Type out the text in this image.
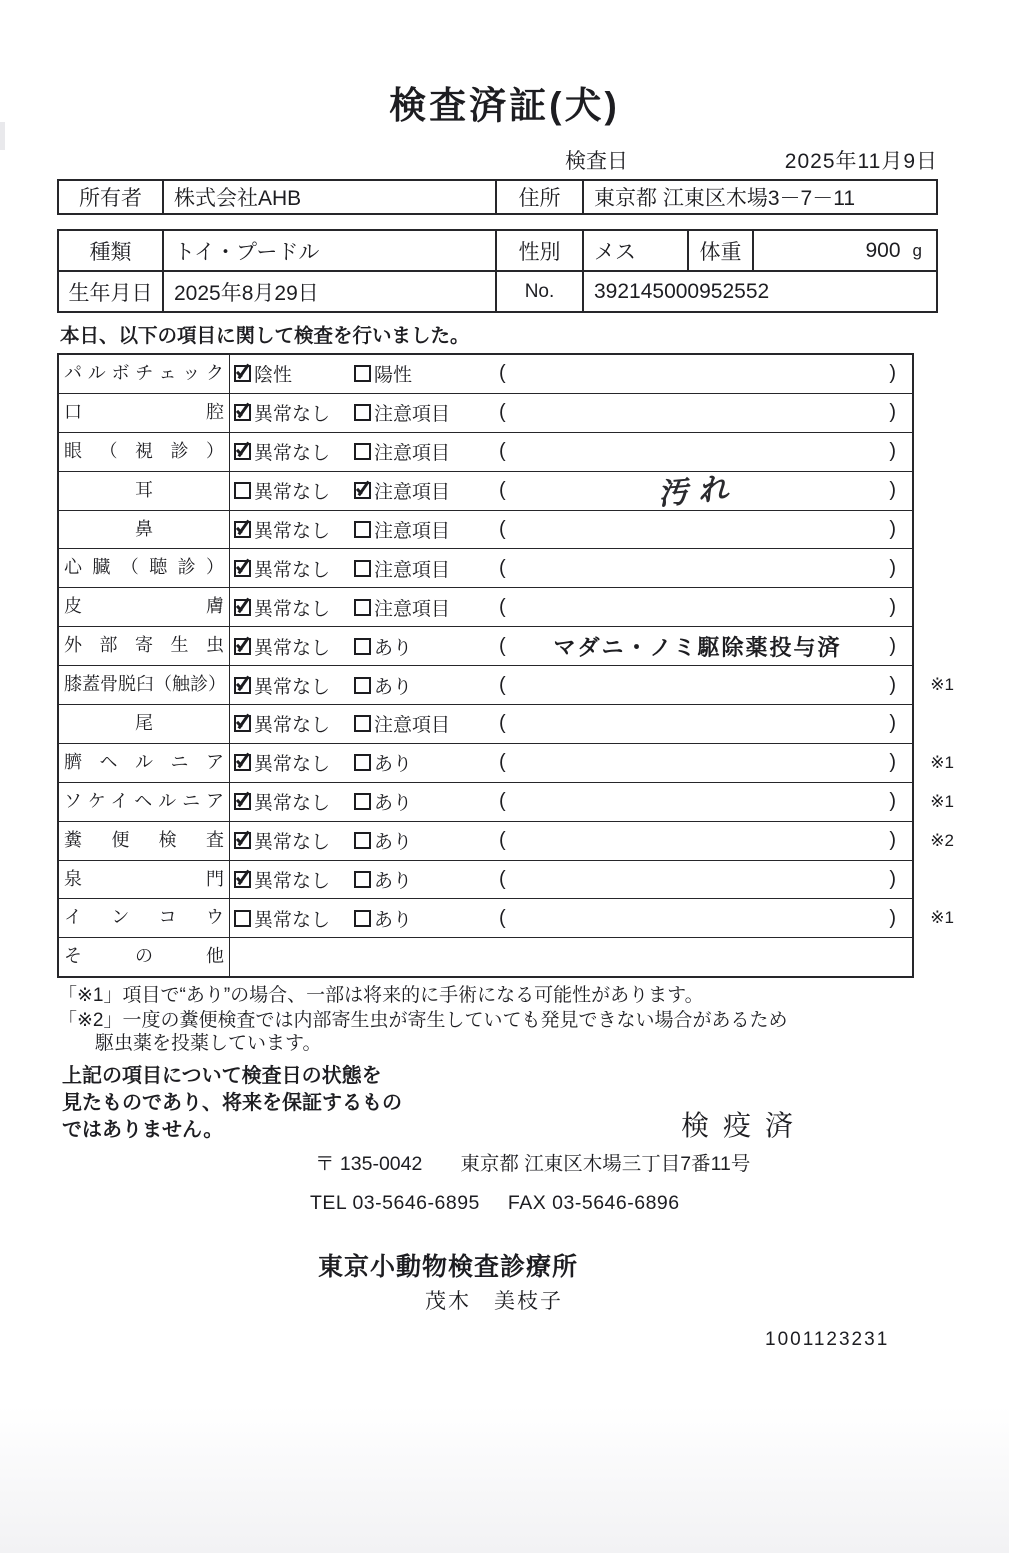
検査済証(犬)
検査日	2025年11月9日
所有者	株式会社AHB	住所	東京都 江東区木場3－7－11
種類	トイ・プードル	性別	メス	体重	900 g
生年月日	2025年8月29日	No.	392145000952552
本日、以下の項目に関して検査を行いました。
パルボチェック	陰性	陽性	(	)
口腔	異常なし 注意項目 (	)
眼（視診）	異常なし 注意項目 (	)
耳	異常なし 注意項目 (	汚れ	)
鼻	異常なし 注意項目 (	)
心臓（聴診）	異常なし 注意項目 (	)
皮膚	異常なし 注意項目 (	)
外部寄生虫	異常なし あり	(	マダニ・ノミ駆除薬投与済	)
膝蓋骨脱臼（触診） 異常なし あり	(	) ※1
尾	異常なし 注意項目 (	)
臍ヘルニア	異常なし あり	(	) ※1
ソケイヘルニア	異常なし あり	(	) ※1
糞便検査	異常なし あり	(	) ※2
泉門	異常なし あり	(	)
インコウ	異常なし あり	(	) ※1
その他
「※1」項目で“あり”の場合、一部は将来的に手術になる可能性があります。
「※2」一度の糞便検査では内部寄生虫が寄生していても発見できない場合があるため
駆虫薬を投薬しています。
上記の項目について検査日の状態を
見たものであり、将来を保証するもの
ではありません。	検疫済
〒 135-0042 東京都 江東区木場三丁目7番11号
TEL 03-5646-6895 FAX 03-5646-6896
東京小動物検査診療所
茂木　美枝子
1001123231
